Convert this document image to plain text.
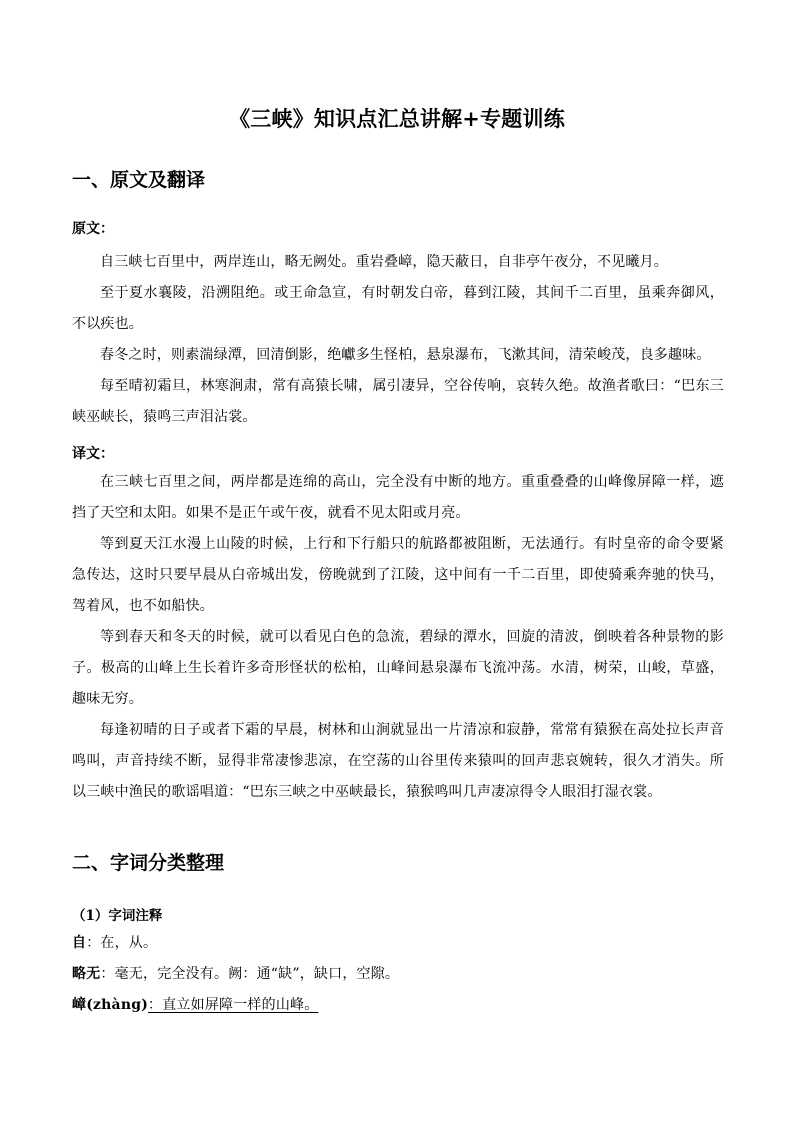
《三峡》知识点汇总讲解+专题训练
一、原文及翻译
原文：

自三峡七百里中，两岸连山，略无阙处。重岩叠嶂，隐天蔽日，自非亭午夜分，不见曦月。

至于夏水襄陵，沿溯阻绝。或王命急宣，有时朝发白帝，暮到江陵，其间千二百里，虽乘奔御风，不以疾也。

春冬之时，则素湍绿潭，回清倒影，绝巘多生怪柏，悬泉瀑布，飞漱其间，清荣峻茂，良多趣味。

每至晴初霜旦，林寒涧肃，常有高猿长啸，属引凄异，空谷传响，哀转久绝。故渔者歌曰：“巴东三峡巫峡长，猿鸣三声泪沾裳。

译文：

在三峡七百里之间，两岸都是连绵的高山，完全没有中断的地方。重重叠叠的山峰像屏障一样，遮挡了天空和太阳。如果不是正午或午夜，就看不见太阳或月亮。

等到夏天江水漫上山陵的时候，上行和下行船只的航路都被阻断，无法通行。有时皇帝的命令要紧急传达，这时只要早晨从白帝城出发，傍晚就到了江陵，这中间有一千二百里，即使骑乘奔驰的快马，驾着风，也不如船快。

等到春天和冬天的时候，就可以看见白色的急流，碧绿的潭水，回旋的清波，倒映着各种景物的影子。极高的山峰上生长着许多奇形怪状的松柏，山峰间悬泉瀑布飞流冲荡。水清，树荣，山峻，草盛，趣味无穷。

每逢初晴的日子或者下霜的早晨，树林和山涧就显出一片清凉和寂静，常常有猿猴在高处拉长声音鸣叫，声音持续不断，显得非常凄惨悲凉，在空荡的山谷里传来猿叫的回声悲哀婉转，很久才消失。所以三峡中渔民的歌谣唱道：“巴东三峡之中巫峡最长，猿猴鸣叫几声凄凉得令人眼泪打湿衣裳。

二、字词分类整理
（1）字词注释
自：在，从。
略无：毫无，完全没有。阙：通“缺”，缺口，空隙。
嶂(zhàng)：直立如屏障一样的山峰。
